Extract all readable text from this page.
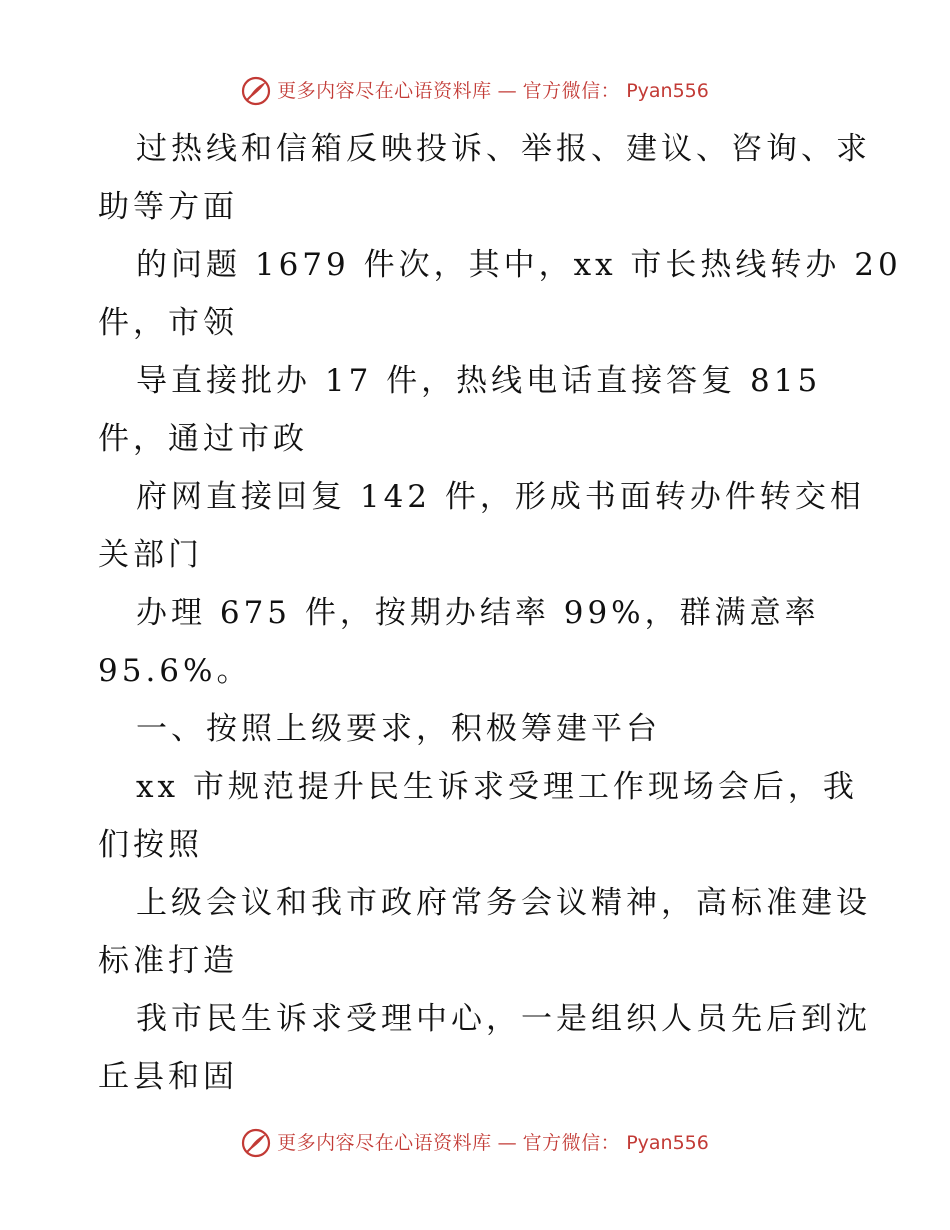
更多内容尽在心语资料库 — 官方微信： Pyan556
过热线和信箱反映投诉、举报、建议、咨询、求
助等方面
的问题 1679 件次，其中，xx 市长热线转办 20
件，市领
导直接批办 17 件，热线电话直接答复 815
件，通过市政
府网直接回复 142 件，形成书面转办件转交相
关部门
办理 675 件，按期办结率 99%，群满意率
95.6%。
一、按照上级要求，积极筹建平台
xx 市规范提升民生诉求受理工作现场会后，我
们按照
上级会议和我市政府常务会议精神，高标准建设
标准打造
我市民生诉求受理中心，一是组织人员先后到沈
丘县和固
更多内容尽在心语资料库 — 官方微信： Pyan556
